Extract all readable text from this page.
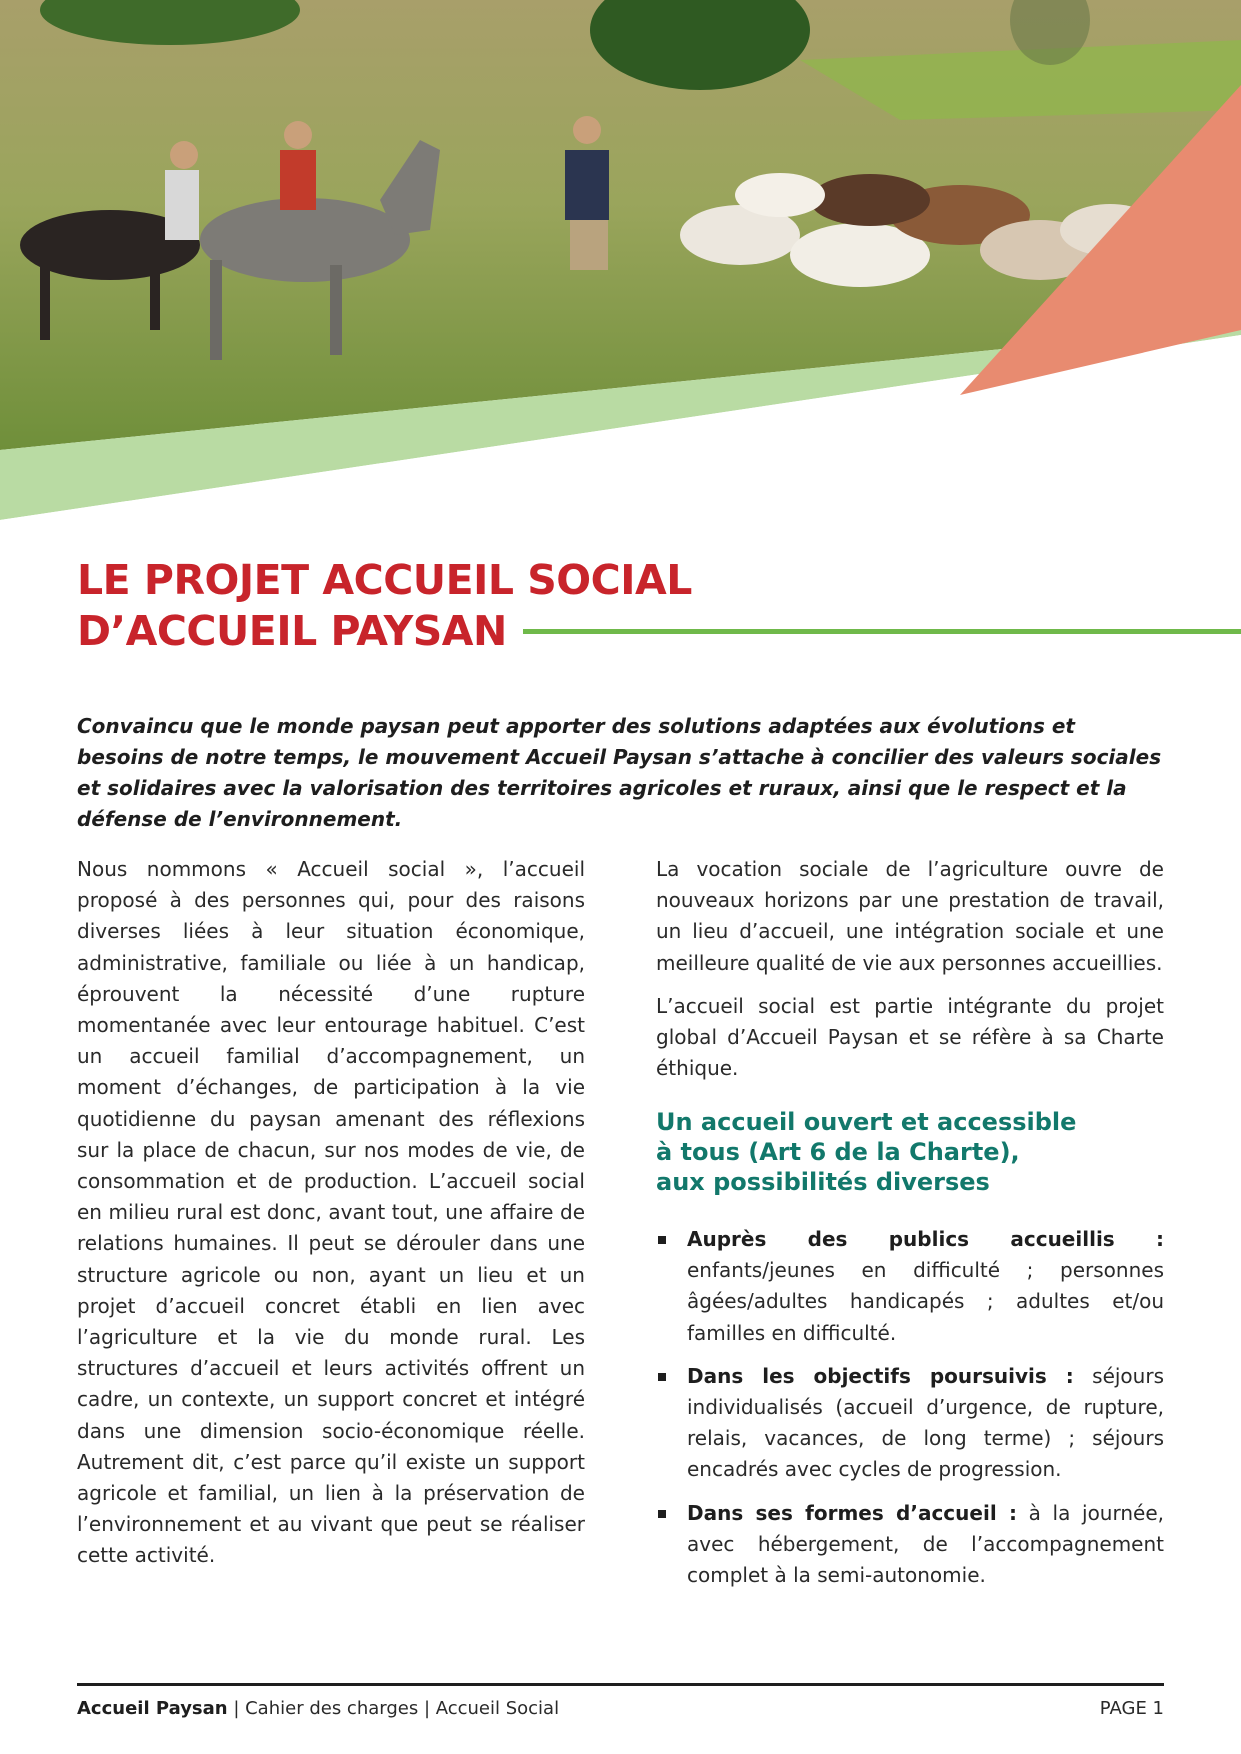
LE PROJET ACCUEIL SOCIAL
D’ACCUEIL PAYSAN

Convaincu que le monde paysan peut apporter des solutions adaptées aux évolutions et besoins de notre temps, le mouvement Accueil Paysan s’attache à concilier des valeurs sociales et solidaires avec la valorisation des territoires agricoles et ruraux, ainsi que le respect et la défense de l’environnement.

Nous nommons « Accueil social », l’accueil proposé à des personnes qui, pour des raisons diverses liées à leur situation économique, administrative, familiale ou liée à un handicap, éprouvent la nécessité d’une rupture momentanée avec leur entourage habituel. C’est un accueil familial d’accompagnement, un moment d’échanges, de participation à la vie quotidienne du paysan amenant des réflexions sur la place de chacun, sur nos modes de vie, de consommation et de production. L’accueil social en milieu rural est donc, avant tout, une affaire de relations humaines. Il peut se dérouler dans une structure agricole ou non, ayant un lieu et un projet d’accueil concret établi en lien avec l’agriculture et la vie du monde rural. Les structures d’accueil et leurs activités offrent un cadre, un contexte, un support concret et intégré dans une dimension socio-économique réelle. Autrement dit, c’est parce qu’il existe un support agricole et familial, un lien à la préservation de l’environnement et au vivant que peut se réaliser cette activité.

La vocation sociale de l’agriculture ouvre de nouveaux horizons par une prestation de travail, un lieu d’accueil, une intégration sociale et une meilleure qualité de vie aux personnes accueillies.

L’accueil social est partie intégrante du projet global d’Accueil Paysan et se réfère à sa Charte éthique.

Un accueil ouvert et accessible
à tous (Art 6 de la Charte),
aux possibilités diverses
Auprès des publics accueillis : enfants/jeunes en difficulté ; personnes âgées/adultes handicapés ; adultes et/ou familles en difficulté.
Dans les objectifs poursuivis : séjours individualisés (accueil d’urgence, de rupture, relais, vacances, de long terme) ; séjours encadrés avec cycles de progression.
Dans ses formes d’accueil : à la journée, avec hébergement, de l’accompagnement complet à la semi-autonomie.
Accueil Paysan | Cahier des charges | Accueil Social	PAGE 1
